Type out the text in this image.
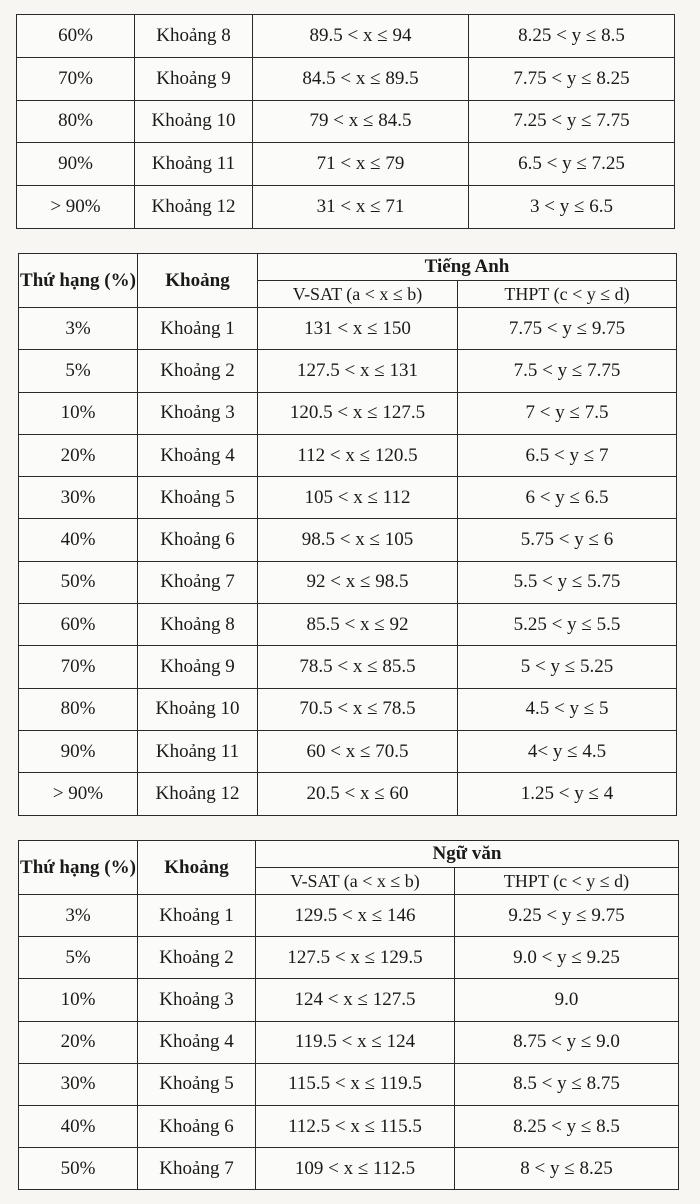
60%	Khoảng 8	89.5 < x ≤ 94	8.25 < y ≤ 8.5
70%	Khoảng 9	84.5 < x ≤ 89.5	7.75 < y ≤ 8.25
80%	Khoảng 10	79 < x ≤ 84.5	7.25 < y ≤ 7.75
90%	Khoảng 11	71 < x ≤ 79	6.5 < y ≤ 7.25
> 90%	Khoảng 12	31 < x ≤ 71	3 < y ≤ 6.5
Thứ hạng (%)	Khoảng	Tiếng Anh	
		V-SAT (a < x ≤ b)	THPT (c < y ≤ d)
3%	Khoảng 1	131 < x ≤ 150	7.75 < y ≤ 9.75
5%	Khoảng 2	127.5 < x ≤ 131	7.5 < y ≤ 7.75
10%	Khoảng 3	120.5 < x ≤ 127.5	7 < y ≤ 7.5
20%	Khoảng 4	112 < x ≤ 120.5	6.5 < y ≤ 7
30%	Khoảng 5	105 < x ≤ 112	6 < y ≤ 6.5
40%	Khoảng 6	98.5 < x ≤ 105	5.75 < y ≤ 6
50%	Khoảng 7	92 < x ≤ 98.5	5.5 < y ≤ 5.75
60%	Khoảng 8	85.5 < x ≤ 92	5.25 < y ≤ 5.5
70%	Khoảng 9	78.5 < x ≤ 85.5	5 < y ≤ 5.25
80%	Khoảng 10	70.5 < x ≤ 78.5	4.5 < y ≤ 5
90%	Khoảng 11	60 < x ≤ 70.5	4< y ≤ 4.5
> 90%	Khoảng 12	20.5 < x ≤ 60	1.25 < y ≤ 4
Thứ hạng (%)	Khoảng	Ngữ văn	
		V-SAT (a < x ≤ b)	THPT (c < y ≤ d)
3%	Khoảng 1	129.5 < x ≤ 146	9.25 < y ≤ 9.75
5%	Khoảng 2	127.5 < x ≤ 129.5	9.0 < y ≤ 9.25
10%	Khoảng 3	124 < x ≤ 127.5	9.0
20%	Khoảng 4	119.5 < x ≤ 124	8.75 < y ≤ 9.0
30%	Khoảng 5	115.5 < x ≤ 119.5	8.5 < y ≤ 8.75
40%	Khoảng 6	112.5 < x ≤ 115.5	8.25 < y ≤ 8.5
50%	Khoảng 7	109 < x ≤ 112.5	8 < y ≤ 8.25
